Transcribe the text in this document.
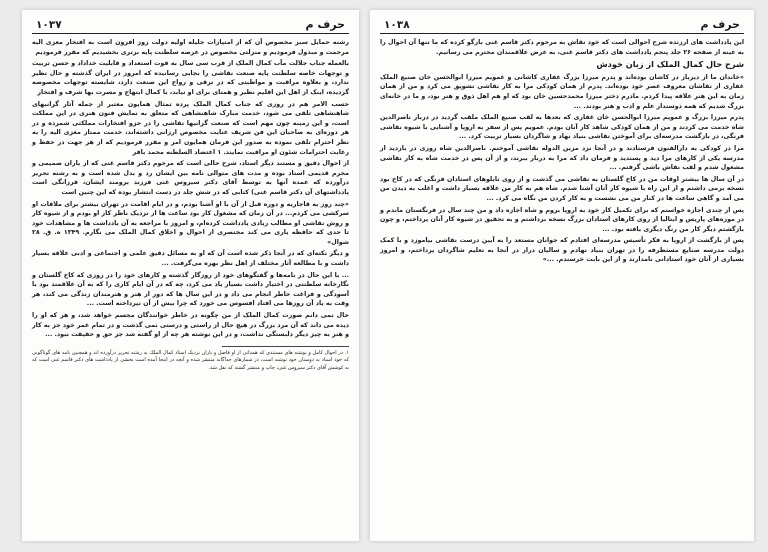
۱۰۳۷	حرف م

رشته حمایل سبز مخصوص آن که از امتیازات جلیله اولیه دولت روز افزون است به افتخار معزی الیه مرحمت و مبذول فرمودیم و منزلتی مخصوص در عرصه سلطنت پایه برتری بخشیدیم که مقرر فرمودیم

بالعمله جناب جلالت مآب کمال الملک از قرب سی سال به قوت استعداد و قابلیت خداداد و حسن تربیت و توجهات خاصه سلطنت پایه صنعت نقاشی را بجایی رسانیده که امروز در ایران گذشته و حال نظیر ندارد، و بعلاوه مراقبت و مواظبتی که در ترقی و رواج این صنعت دارد، شایسته توجهات مخصوصه گردیده، اینک از اهل این اقلیم نظیر و همتای برای او نیابد، با کمال ابتهاج و مسرت بها شرف و افتخار

حسب الامر هم در روزی که جناب کمال الملک پرده تمثال همایون معتبر از جمله آثار گرانبهای شاهنشاهی تلقی می شود، خدمت مبارک شاهنشاهی که متعلق به نمایش فنون هنری در این مملکت است، و این زمینه چون مهم است که صنعت گرانبها نقاشی را در جزو افتخارات مملکتی شمرده و در هر دوره‌ای به صاحبان این فن شریف عنایت مخصوص ارزانی داشته‌اند، خدمت ممتاز معزی الیه را به نظر احترام تلقی نموده به صدور این فرمان همایون امر و مقرر فرمودیم که از هر جهت در حفظ و رعایت احترامات شئون او مراقبت نمایند. ۱ اعتضاد السلطنه محمد باقر

از احوال دقیق و مستند دیگر استاد، شرح حالی است که مرحوم دکتر قاسم غنی که از یاران صمیمی و محرم قدیمی استاد بوده و مدت های متوالی نامه بین ایشان رد و بدل شده است و به رشته تحریر درآورده که عمده آنها به توسط آقای دکتر سیروس غنی فرزند برومند ایشان، فرزانگی است پادداشتهای آن دکتر قاسم غنی) کتابی که در شش جلد در دست انتشار بوده که این چنین است

«چند روز به قاجاریه و دوره قبل از آن با او آشنا بودم، و در ایام اقامت در تهران بیشتر برای ملاقات او سرکشی می کردم... در آن زمان که مشغول کار بود ساعت ها از نزدیک ناظر کار او بودم و از شیوه کار و روش نقاشی او مطالب زیادی یادداشت کرده‌ام، و امروز با مراجعه به آن یادداشت ها و مشاهدات خود تا حدی که حافظه یاری می کند مختصری از احوال و اخلاق کمال الملک می نگارم. ۱۳۴۹ ه. ق. ۲۸ شوال»

و دیگر نکته‌ای که در آنجا ذکر شده است آن که او به مسائل دقیق علمی و اجتماعی و ادبی علاقه بسیار داشت و با مطالعه آثار مختلف از اهل نظر بهره می‌گرفت. ...

... با این حال در نامه‌ها و گفتگوهای خود از روزگار گذشته و کارهای خود را در روزی که کاخ گلستان و نگارخانه سلطنتی در اختیار داشت بسیار یاد می کرد، چه که در آن ایام کاری را که به آن علاقمند بود با آسودگی و فراغت خاطر انجام می داد و در این سال ها که دور از هنر و هنرمندان زندگی می کند، هر وقت به یاد آن روزها می افتاد افسوس می خورد که چرا بیش از آن نپرداخته است. ...

حال نمی دانم صورت کمال الملک از من چگونه در خاطر خوانندگان مجسم خواهد شد، و هر که او را دیده می داند که آن مرد بزرگ در هیچ حال از راستی و درستی نمی گذشت و در تمام عمر خود جز به کار و هنر به چیز دیگر دلبستگی نداشت، و در این نوشته هر چه از او گفته شد جز حق و حقیقت نبود. ...

۱. در احوال کامل و نوشته های مستندی که همدانی از او فاضل و یاران نزدیک استاد کمال الملک به رشته تحریر درآورده اند و همچنین نامه های گوناگونی که خود استاد به دوستان خود نوشته است، در شمارهای جداگانه منتشر شده و آنچه در اینجا آمده است بخشی از یادداشت های دکتر قاسم غنی است که به کوشش آقای دکتر سیروس غنی، چاپ و منتشر گشته که نقل شد.
۱۰۳۸	حرف م

این یادداشت های ارزنده شرح احوالی است که خود نقاش به مرحوم دکتر قاسم غنی بازگو کرده که ما تنها آن احوال را به عینه از صفحه ۲۶ جلد پنجم یادداشت های دکتر قاسم غنی، به عرض علاقمندان محترم می رسانیم.

شرح حال کمال الملک از زبان خودش

«خاندان ما از دیرباز در کاشان بوده‌اند و پدرم میرزا بزرگ غفاری کاشانی و عمویم میرزا ابوالحسن خان صنیع الملک غفاری از نقاشان معروف عصر خود بوده‌اند. پدرم از همان کودکی مرا به کار نقاشی تشویق می کرد و من از همان زمان به این هنر علاقه پیدا کردم. مادرم دختر میرزا محمدحسین خان بود که او هم اهل ذوق و هنر بود، و ما در خانه‌ای بزرگ شدیم که همه دوستدار علم و ادب و هنر بودند. ...

پدرم میرزا بزرگ و عمویم میرزا ابوالحسن خان غفاری که بعدها به لقب صنیع الملک ملقب گردید در دربار ناصرالدین شاه خدمت می کردند و من از همان کودکی شاهد کار آنان بودم. عمویم پس از سفر به اروپا و آشنایی با شیوه نقاشی فرنگی، در بازگشت مدرسه‌ای برای آموختن نقاشی بنیاد نهاد و شاگردان بسیار تربیت کرد. ...

مرا در کودکی به دارالفنون فرستادند و در آنجا نزد مزین الدوله نقاشی آموختم. ناصرالدین شاه روزی در بازدید از مدرسه یکی از کارهای مرا دید و پسندید و فرمان داد که مرا به دربار ببرند، و از آن پس در خدمت شاه به کار نقاشی مشغول شدم و لقب نقاش باشی گرفتم. ...

در آن سال ها بیشتر اوقات من در کاخ گلستان به نقاشی می گذشت و از روی تابلوهای استادان فرنگی که در کاخ بود نسخه برمی داشتم و از این راه با شیوه کار آنان آشنا شدم. شاه هم به کار من علاقه بسیار داشت و اغلب به دیدن من می آمد و گاهی ساعت ها در کنار من می نشست و به کار کردن من نگاه می کرد. ...

پس از چندی اجازه خواستم که برای تکمیل کار خود به اروپا بروم و شاه اجازه داد و من چند سال در فرنگستان ماندم و در موزه‌های پاریس و ایتالیا از روی کارهای استادان بزرگ نسخه برداشتم و به تحقیق در شیوه کار آنان پرداختم، و چون بازگشتم دیگر کار من رنگ دیگری یافته بود. ...

پس از بازگشت از اروپا به فکر تأسیس مدرسه‌ای افتادم که جوانان مستعد را به آیین درست نقاشی بیاموزد و با کمک دولت مدرسه صنایع مستظرفه را در تهران بنیاد نهادم و سالیان دراز در آنجا به تعلیم شاگردان پرداختم، و امروز بسیاری از آنان خود استادانی نامدارند و از این بابت خرسندم. ...»
